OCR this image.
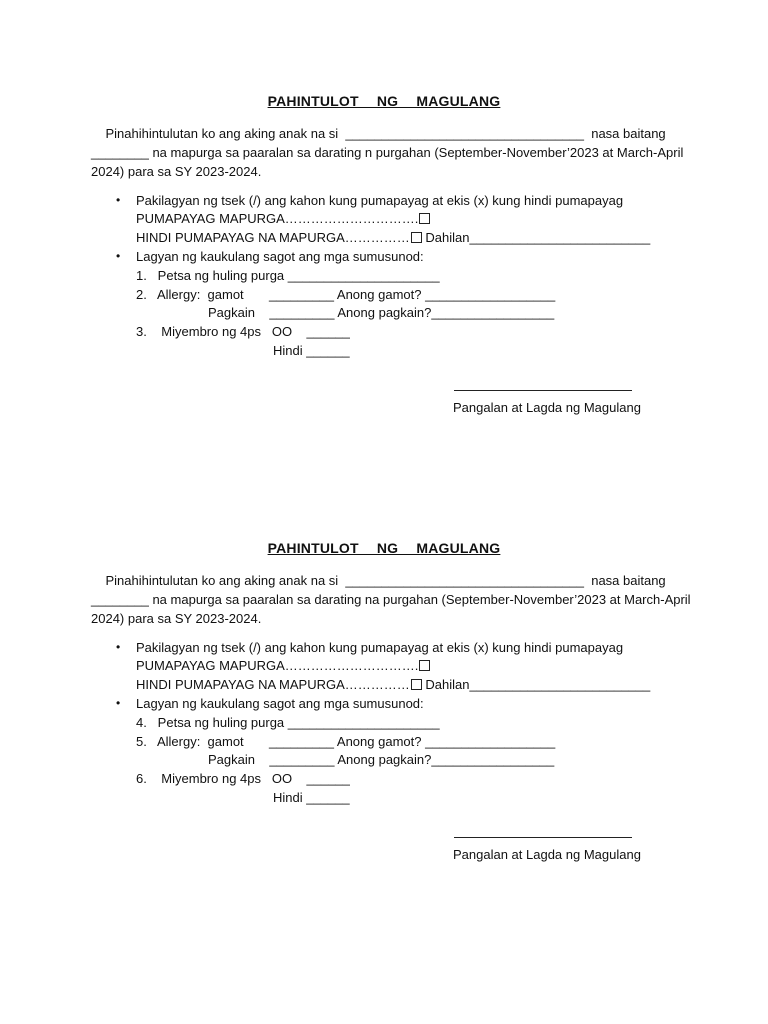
PAHINTULOT NG MAGULANG
Pinahihintulutan ko ang aking anak na si  _________________________________  nasa baitang
________ na mapurga sa paaralan sa darating n purgahan (September-November’2023 at March-April
2024) para sa SY 2023-2024.
• Pakilagyan ng tsek (/) ang kahon kung pumapayag at ekis (x) kung hindi pumapayag
PUMAPAYAG MAPURGA………………………….
HINDI PUMAPAYAG NA MAPURGA…………… Dahilan_________________________
• Lagyan ng kaukulang sagot ang mga sumusunod:
1.   Petsa ng huling purga _____________________
2.   Allergy:  gamot       _________ Anong gamot? __________________
Pagkain    _________ Anong pagkain?_________________
3.    Miyembro ng 4ps   OO    ______
Hindi ______
Pangalan at Lagda ng Magulang
PAHINTULOT NG MAGULANG
Pinahihintulutan ko ang aking anak na si  _________________________________  nasa baitang
________ na mapurga sa paaralan sa darating na purgahan (September-November’2023 at March-April
2024) para sa SY 2023-2024.
• Pakilagyan ng tsek (/) ang kahon kung pumapayag at ekis (x) kung hindi pumapayag
PUMAPAYAG MAPURGA………………………….
HINDI PUMAPAYAG NA MAPURGA…………… Dahilan_________________________
• Lagyan ng kaukulang sagot ang mga sumusunod:
4.   Petsa ng huling purga _____________________
5.   Allergy:  gamot       _________ Anong gamot? __________________
Pagkain    _________ Anong pagkain?_________________
6.    Miyembro ng 4ps   OO    ______
Hindi ______
Pangalan at Lagda ng Magulang
